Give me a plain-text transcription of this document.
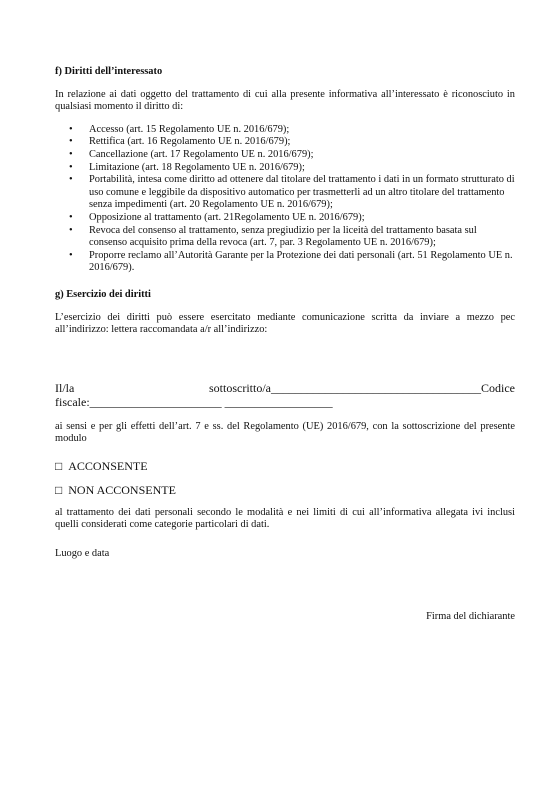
f) Diritti dell’interessato

In relazione ai dati oggetto del trattamento di cui alla presente informativa all’interessato è riconosciuto in qualsiasi momento il diritto di:

• Accesso (art. 15 Regolamento UE n. 2016/679);
• Rettifica (art. 16 Regolamento UE n. 2016/679);
• Cancellazione (art. 17 Regolamento UE n. 2016/679);
• Limitazione (art. 18 Regolamento UE n. 2016/679);
• Portabilità, intesa come diritto ad ottenere dal titolare del trattamento i dati in un formato strutturato di uso comune e leggibile da dispositivo automatico per trasmetterli ad un altro titolare del trattamento senza impedimenti (art. 20 Regolamento UE n. 2016/679);
• Opposizione al trattamento (art. 21Regolamento UE n. 2016/679);
• Revoca del consenso al trattamento, senza pregiudizio per la liceità del trattamento basata sul consenso acquisito prima della revoca (art. 7, par. 3 Regolamento UE n. 2016/679);
• Proporre reclamo all’Autorità Garante per la Protezione dei dati personali (art. 51 Regolamento UE n. 2016/679).

g) Esercizio dei diritti

L’esercizio dei diritti può essere esercitato mediante comunicazione scritta da inviare a mezzo pec all’indirizzo: lettera raccomandata a/r all’indirizzo:

Il/la sottoscritto/a___________________________________Codice fiscale:______________________ __________________

ai sensi e per gli effetti dell’art. 7 e ss. del Regolamento (UE) 2016/679, con la sottoscrizione del presente modulo

□ ACCONSENTE
□ NON ACCONSENTE

al trattamento dei dati personali secondo le modalità e nei limiti di cui all’informativa allegata ivi inclusi quelli considerati come categorie particolari di dati.

Luogo e data

Firma del dichiarante
